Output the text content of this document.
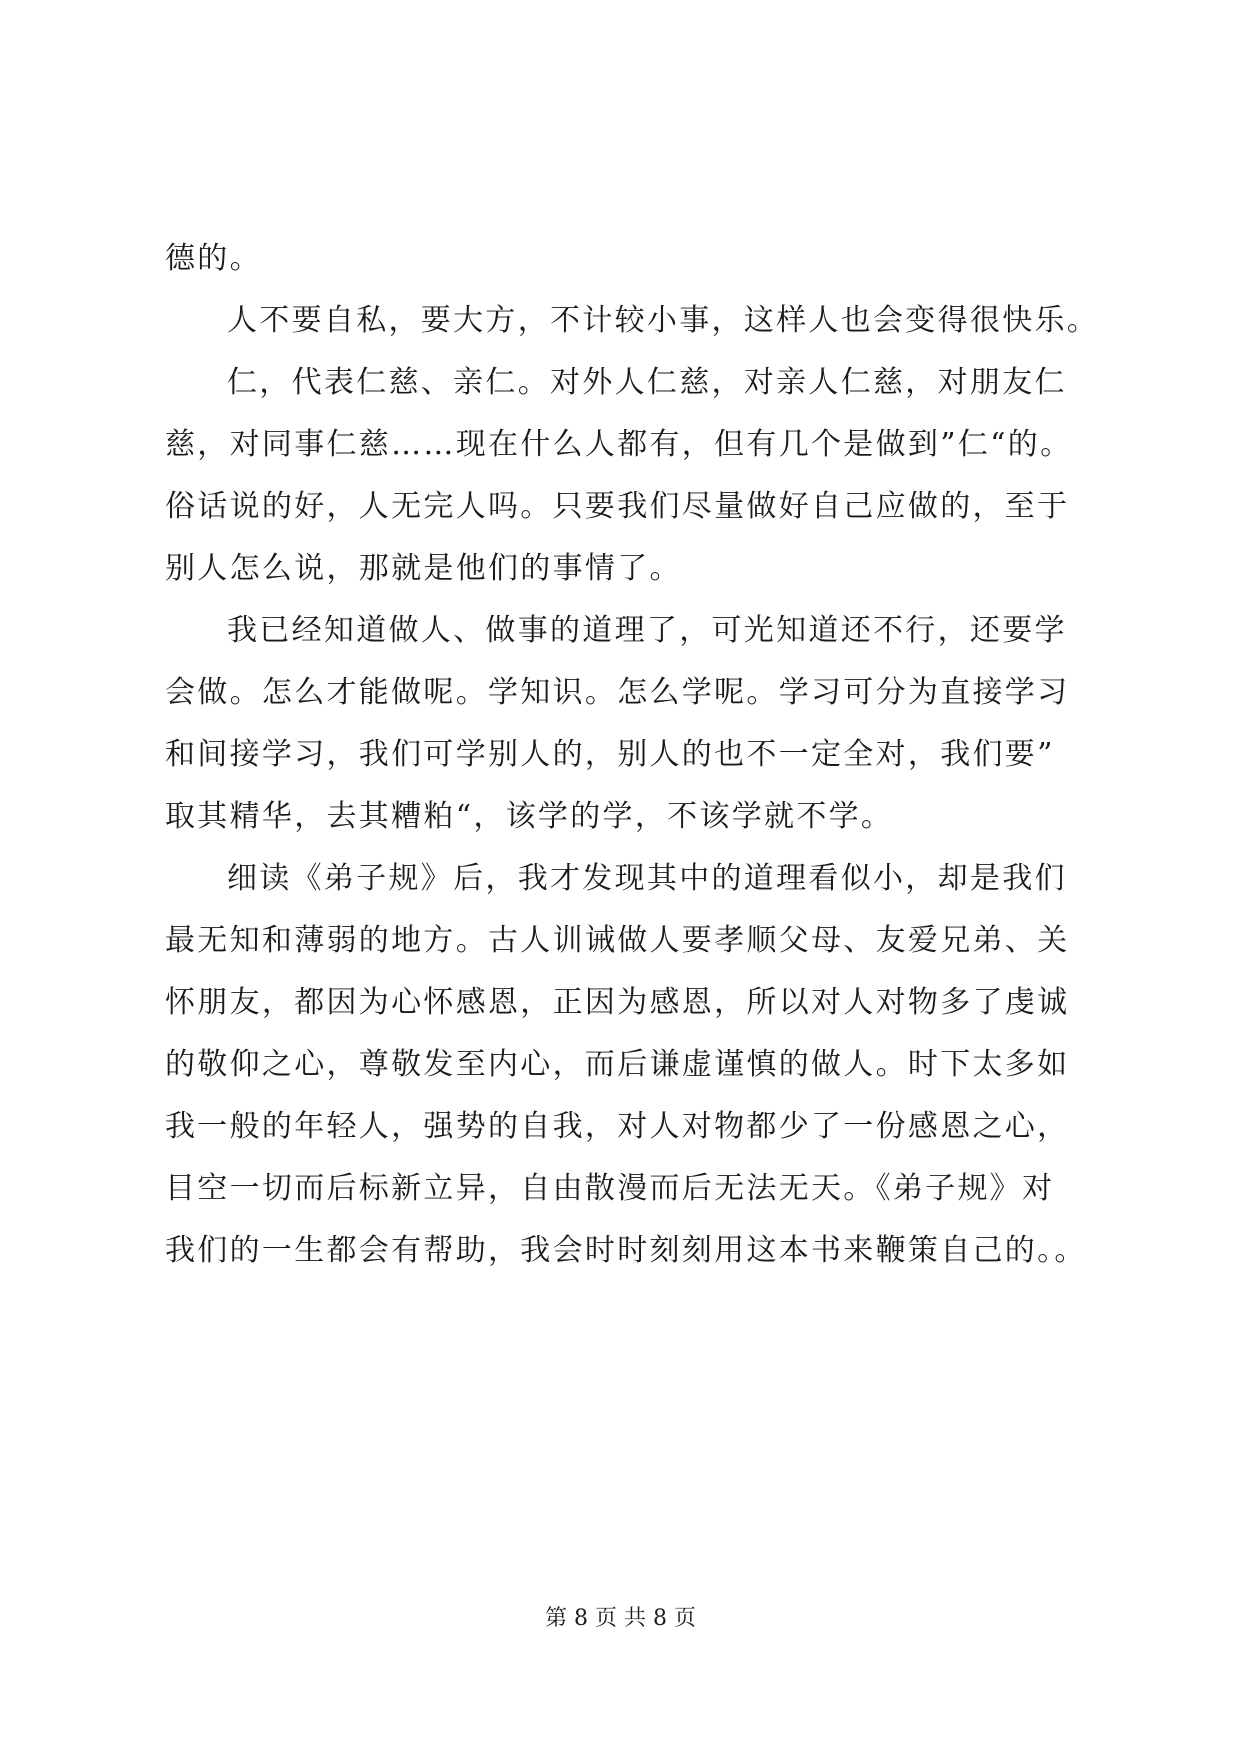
德的。
人不要自私，要大方，不计较小事，这样人也会变得很快乐。
仁，代表仁慈、亲仁。对外人仁慈，对亲人仁慈，对朋友仁
慈，对同事仁慈……现在什么人都有，但有几个是做到”仁“的。
俗话说的好，人无完人吗。只要我们尽量做好自己应做的，至于
别人怎么说，那就是他们的事情了。
我已经知道做人、做事的道理了，可光知道还不行，还要学
会做。怎么才能做呢。学知识。怎么学呢。学习可分为直接学习
和间接学习，我们可学别人的，别人的也不一定全对，我们要”
取其精华，去其糟粕“，该学的学，不该学就不学。
细读《弟子规》后，我才发现其中的道理看似小，却是我们
最无知和薄弱的地方。古人训诫做人要孝顺父母、友爱兄弟、关
怀朋友，都因为心怀感恩，正因为感恩，所以对人对物多了虔诚
的敬仰之心，尊敬发至内心，而后谦虚谨慎的做人。时下太多如
我一般的年轻人，强势的自我，对人对物都少了一份感恩之心，
目空一切而后标新立异，自由散漫而后无法无天。《弟子规》对
我们的一生都会有帮助，我会时时刻刻用这本书来鞭策自己的。。
第 8 页 共 8 页
